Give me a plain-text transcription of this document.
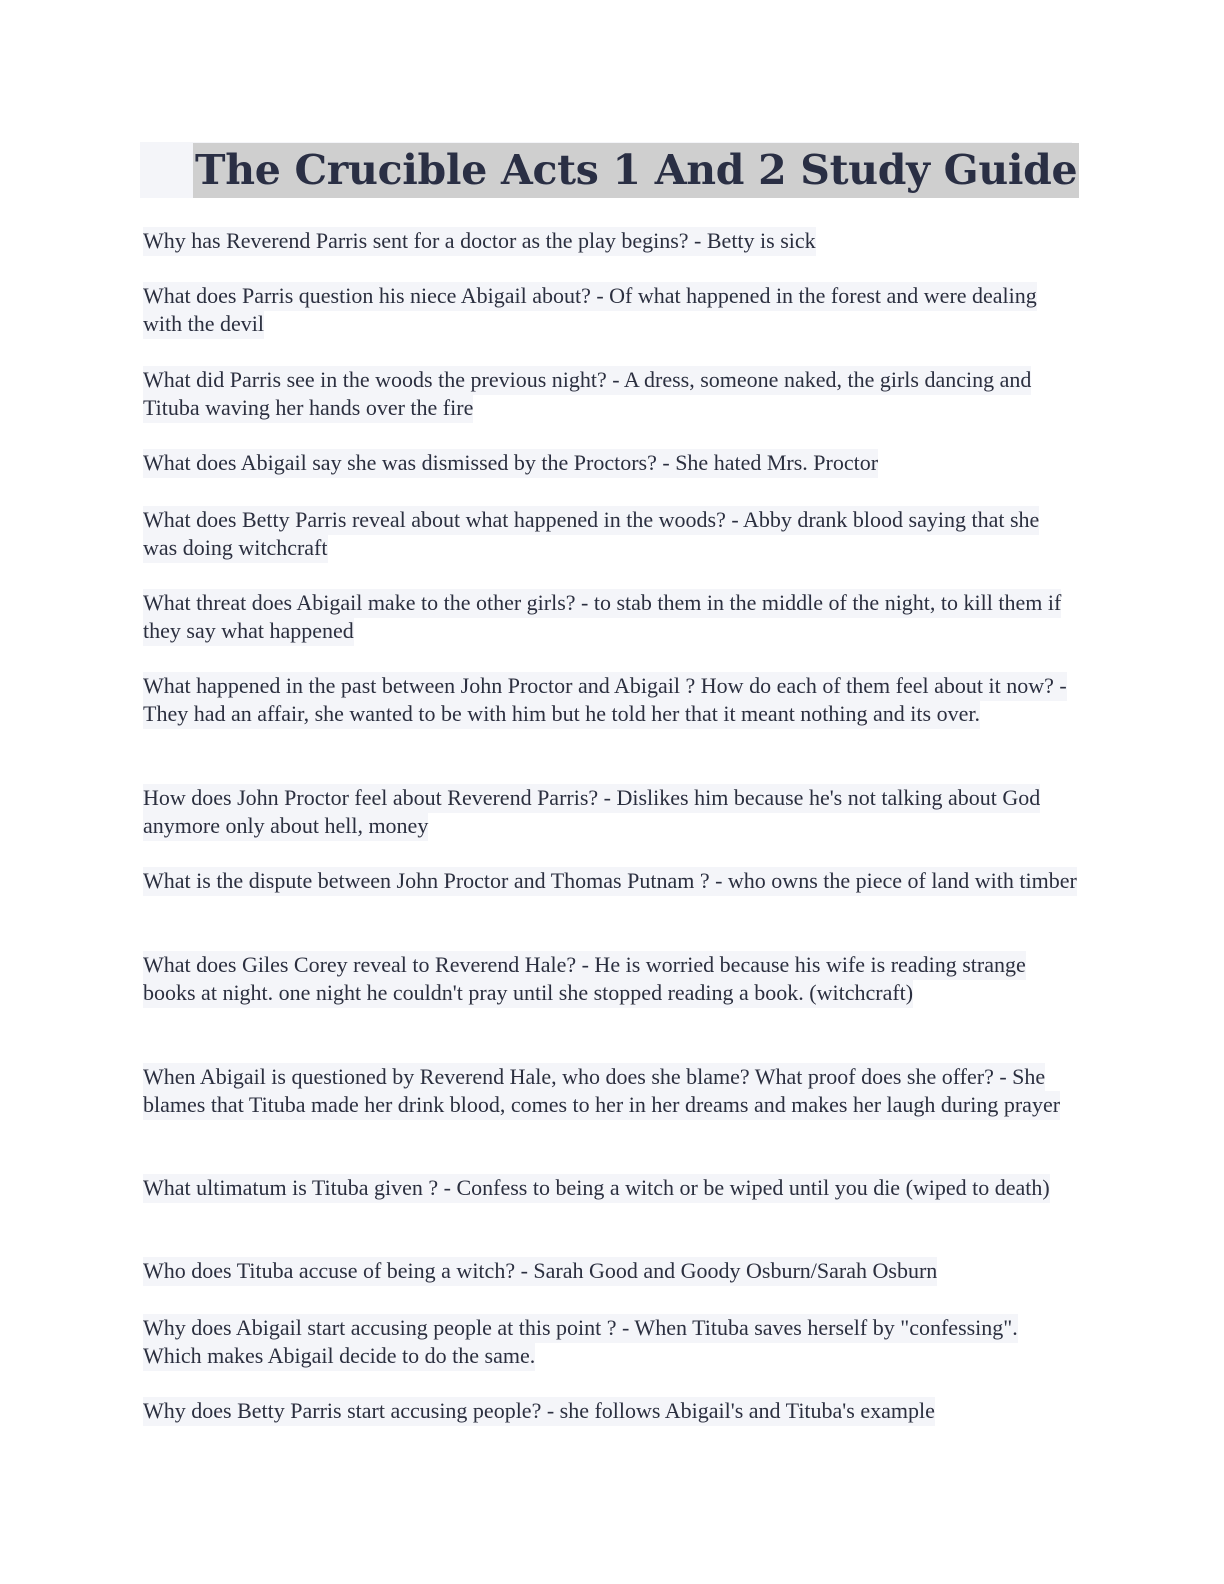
The Crucible Acts 1 And 2 Study Guide

Why has Reverend Parris sent for a doctor as the play begins? - Betty is sick

What does Parris question his niece Abigail about? - Of what happened in the forest and were dealing with the devil

What did Parris see in the woods the previous night? - A dress, someone naked, the girls dancing and Tituba waving her hands over the fire

What does Abigail say she was dismissed by the Proctors? - She hated Mrs. Proctor

What does Betty Parris reveal about what happened in the woods? - Abby drank blood saying that she was doing witchcraft

What threat does Abigail make to the other girls? - to stab them in the middle of the night, to kill them if they say what happened

What happened in the past between John Proctor and Abigail ? How do each of them feel about it now? - They had an affair, she wanted to be with him but he told her that it meant nothing and its over.

How does John Proctor feel about Reverend Parris? - Dislikes him because he's not talking about God anymore only about hell, money

What is the dispute between John Proctor and Thomas Putnam ? - who owns the piece of land with timber

What does Giles Corey reveal to Reverend Hale? - He is worried because his wife is reading strange books at night. one night he couldn't pray until she stopped reading a book. (witchcraft)

When Abigail is questioned by Reverend Hale, who does she blame? What proof does she offer? - She blames that Tituba made her drink blood, comes to her in her dreams and makes her laugh during prayer

What ultimatum is Tituba given ? - Confess to being a witch or be wiped until you die (wiped to death)

Who does Tituba accuse of being a witch? - Sarah Good and Goody Osburn/Sarah Osburn

Why does Abigail start accusing people at this point ? - When Tituba saves herself by "confessing". Which makes Abigail decide to do the same.

Why does Betty Parris start accusing people? - she follows Abigail's and Tituba's example
